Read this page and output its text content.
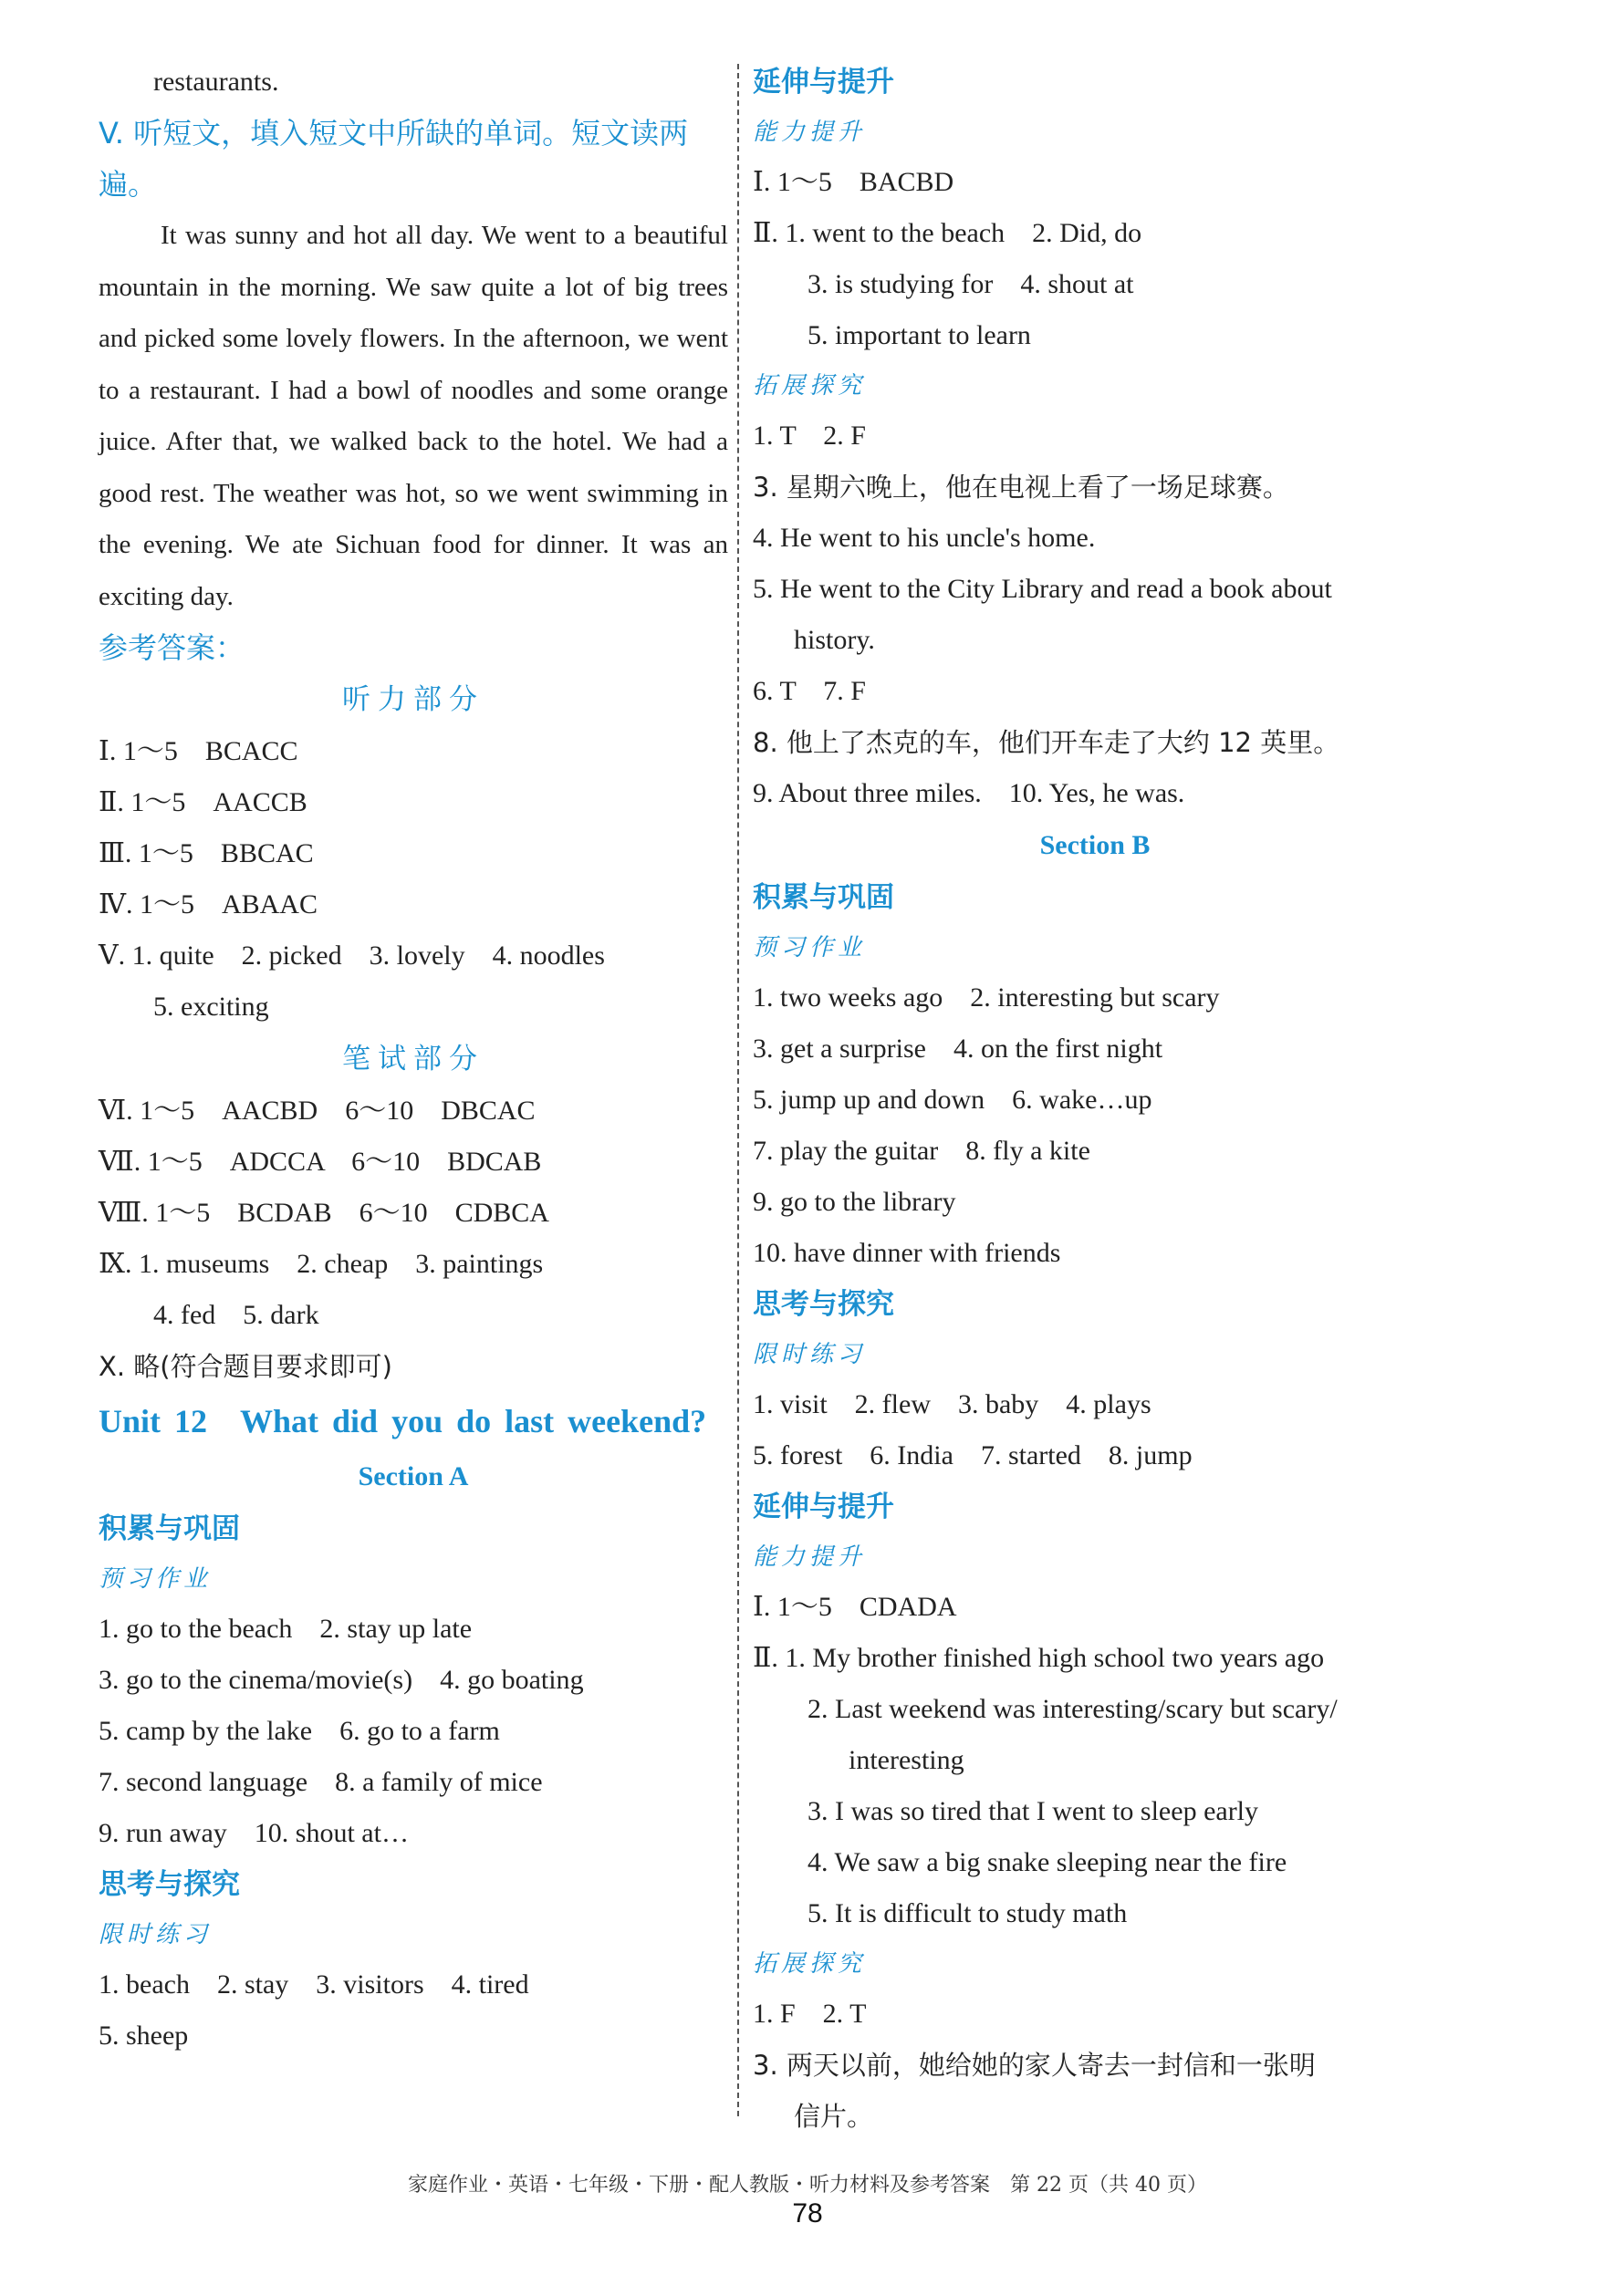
restaurants.
V. 听短文，填入短文中所缺的单词。短文读两遍。

It was sunny and hot all day. We went to a beautiful mountain in the morning. We saw quite a lot of big trees and picked some lovely flowers. In the afternoon, we went to a restaurant. I had a bowl of noodles and some orange juice. After that, we walked back to the hotel. We had a good rest. The weather was hot, so we went swimming in the evening. We ate Sichuan food for dinner. It was an exciting day.

参考答案：
听力部分
Ⅰ. 1～5　BCACC
Ⅱ. 1～5　AACCB
Ⅲ. 1～5　BBCAC
Ⅳ. 1～5　ABAAC
Ⅴ. 1. quite　2. picked　3. lovely　4. noodles
5. exciting
笔试部分
Ⅵ. 1～5　AACBD　6～10　DBCAC
Ⅶ. 1～5　ADCCA　6～10　BDCAB
Ⅷ. 1～5　BCDAB　6～10　CDBCA
Ⅸ. 1. museums　2. cheap　3. paintings
4. fed　5. dark
Ⅹ. 略(符合题目要求即可)
Unit 12　What did you do last weekend?
Section A
积累与巩固
预习作业
1. go to the beach　2. stay up late
3. go to the cinema/movie(s)　4. go boating
5. camp by the lake　6. go to a farm
7. second language　8. a family of mice
9. run away　10. shout at…
思考与探究
限时练习
1. beach　2. stay　3. visitors　4. tired
5. sheep
延伸与提升
能力提升
Ⅰ. 1～5　BACBD
Ⅱ. 1. went to the beach　2. Did, do
3. is studying for　4. shout at
5. important to learn
拓展探究
1. T　2. F
3. 星期六晚上，他在电视上看了一场足球赛。
4. He went to his uncle's home.
5. He went to the City Library and read a book about
history.
6. T　7. F
8. 他上了杰克的车，他们开车走了大约 12 英里。
9. About three miles.　10. Yes, he was.
Section B
积累与巩固
预习作业
1. two weeks ago　2. interesting but scary
3. get a surprise　4. on the first night
5. jump up and down　6. wake…up
7. play the guitar　8. fly a kite
9. go to the library
10. have dinner with friends
思考与探究
限时练习
1. visit　2. flew　3. baby　4. plays
5. forest　6. India　7. started　8. jump
延伸与提升
能力提升
Ⅰ. 1～5　CDADA
Ⅱ. 1. My brother finished high school two years ago
2. Last weekend was interesting/scary but scary/
interesting
3. I was so tired that I went to sleep early
4. We saw a big snake sleeping near the fire
5. It is difficult to study math
拓展探究
1. F　2. T
3. 两天以前，她给她的家人寄去一封信和一张明
信片。
家庭作业・英语・七年级・下册・配人教版・听力材料及参考答案　第 22 页（共 40 页）
78
